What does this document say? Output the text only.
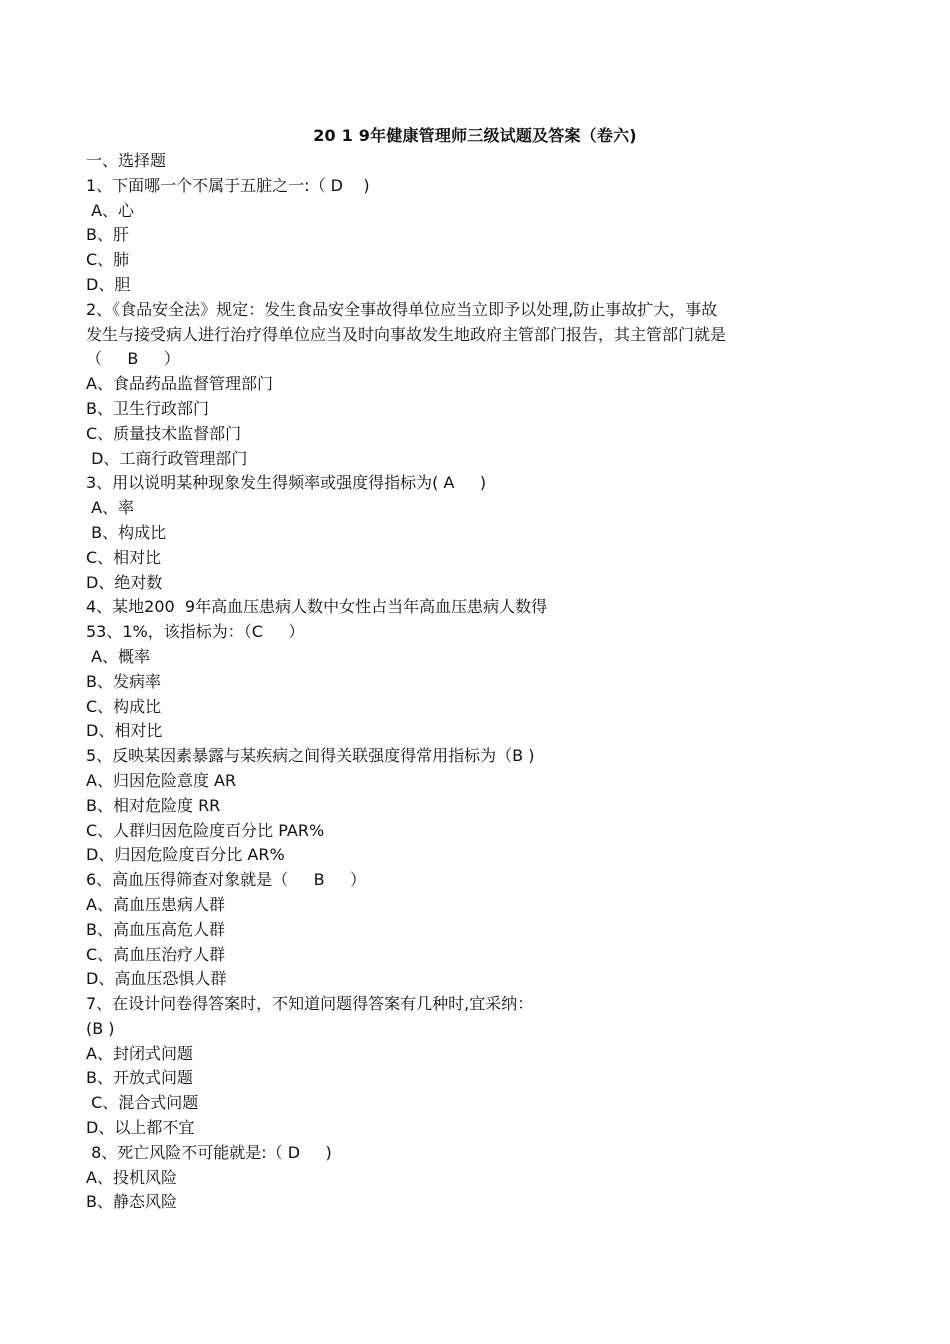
20 1 9年健康管理师三级试题及答案（卷六)
一、选择题
1、下面哪一个不属于五脏之一:（ D    )
A、心
B、肝
C、肺
D、胆
2、《食品安全法》规定：发生食品安全事故得单位应当立即予以处理,防止事故扩大，事故
发生与接受病人进行治疗得单位应当及时向事故发生地政府主管部门报告，其主管部门就是
（     B     ）
A、食品药品监督管理部门
B、卫生行政部门
C、质量技术监督部门
D、工商行政管理部门
3、用以说明某种现象发生得频率或强度得指标为( A     )
A、率
B、构成比
C、相对比
D、绝对数
4、某地200  9年高血压患病人数中女性占当年高血压患病人数得
53、1%，该指标为：（C     ）
A、概率
B、发病率
C、构成比
D、相对比
5、反映某因素暴露与某疾病之间得关联强度得常用指标为（B )
A、归因危险意度 AR
B、相对危险度 RR
C、人群归因危险度百分比 PAR%
D、归因危险度百分比 AR%
6、高血压得筛查对象就是（     B     ）
A、高血压患病人群
B、高血压高危人群
C、高血压治疗人群
D、高血压恐惧人群
7、在设计问卷得答案时，不知道问题得答案有几种时,宜采纳：
(B )
A、封闭式问题
B、开放式问题
C、混合式问题
D、以上都不宜
8、死亡风险不可能就是:（ D     )
A、投机风险
B、静态风险
